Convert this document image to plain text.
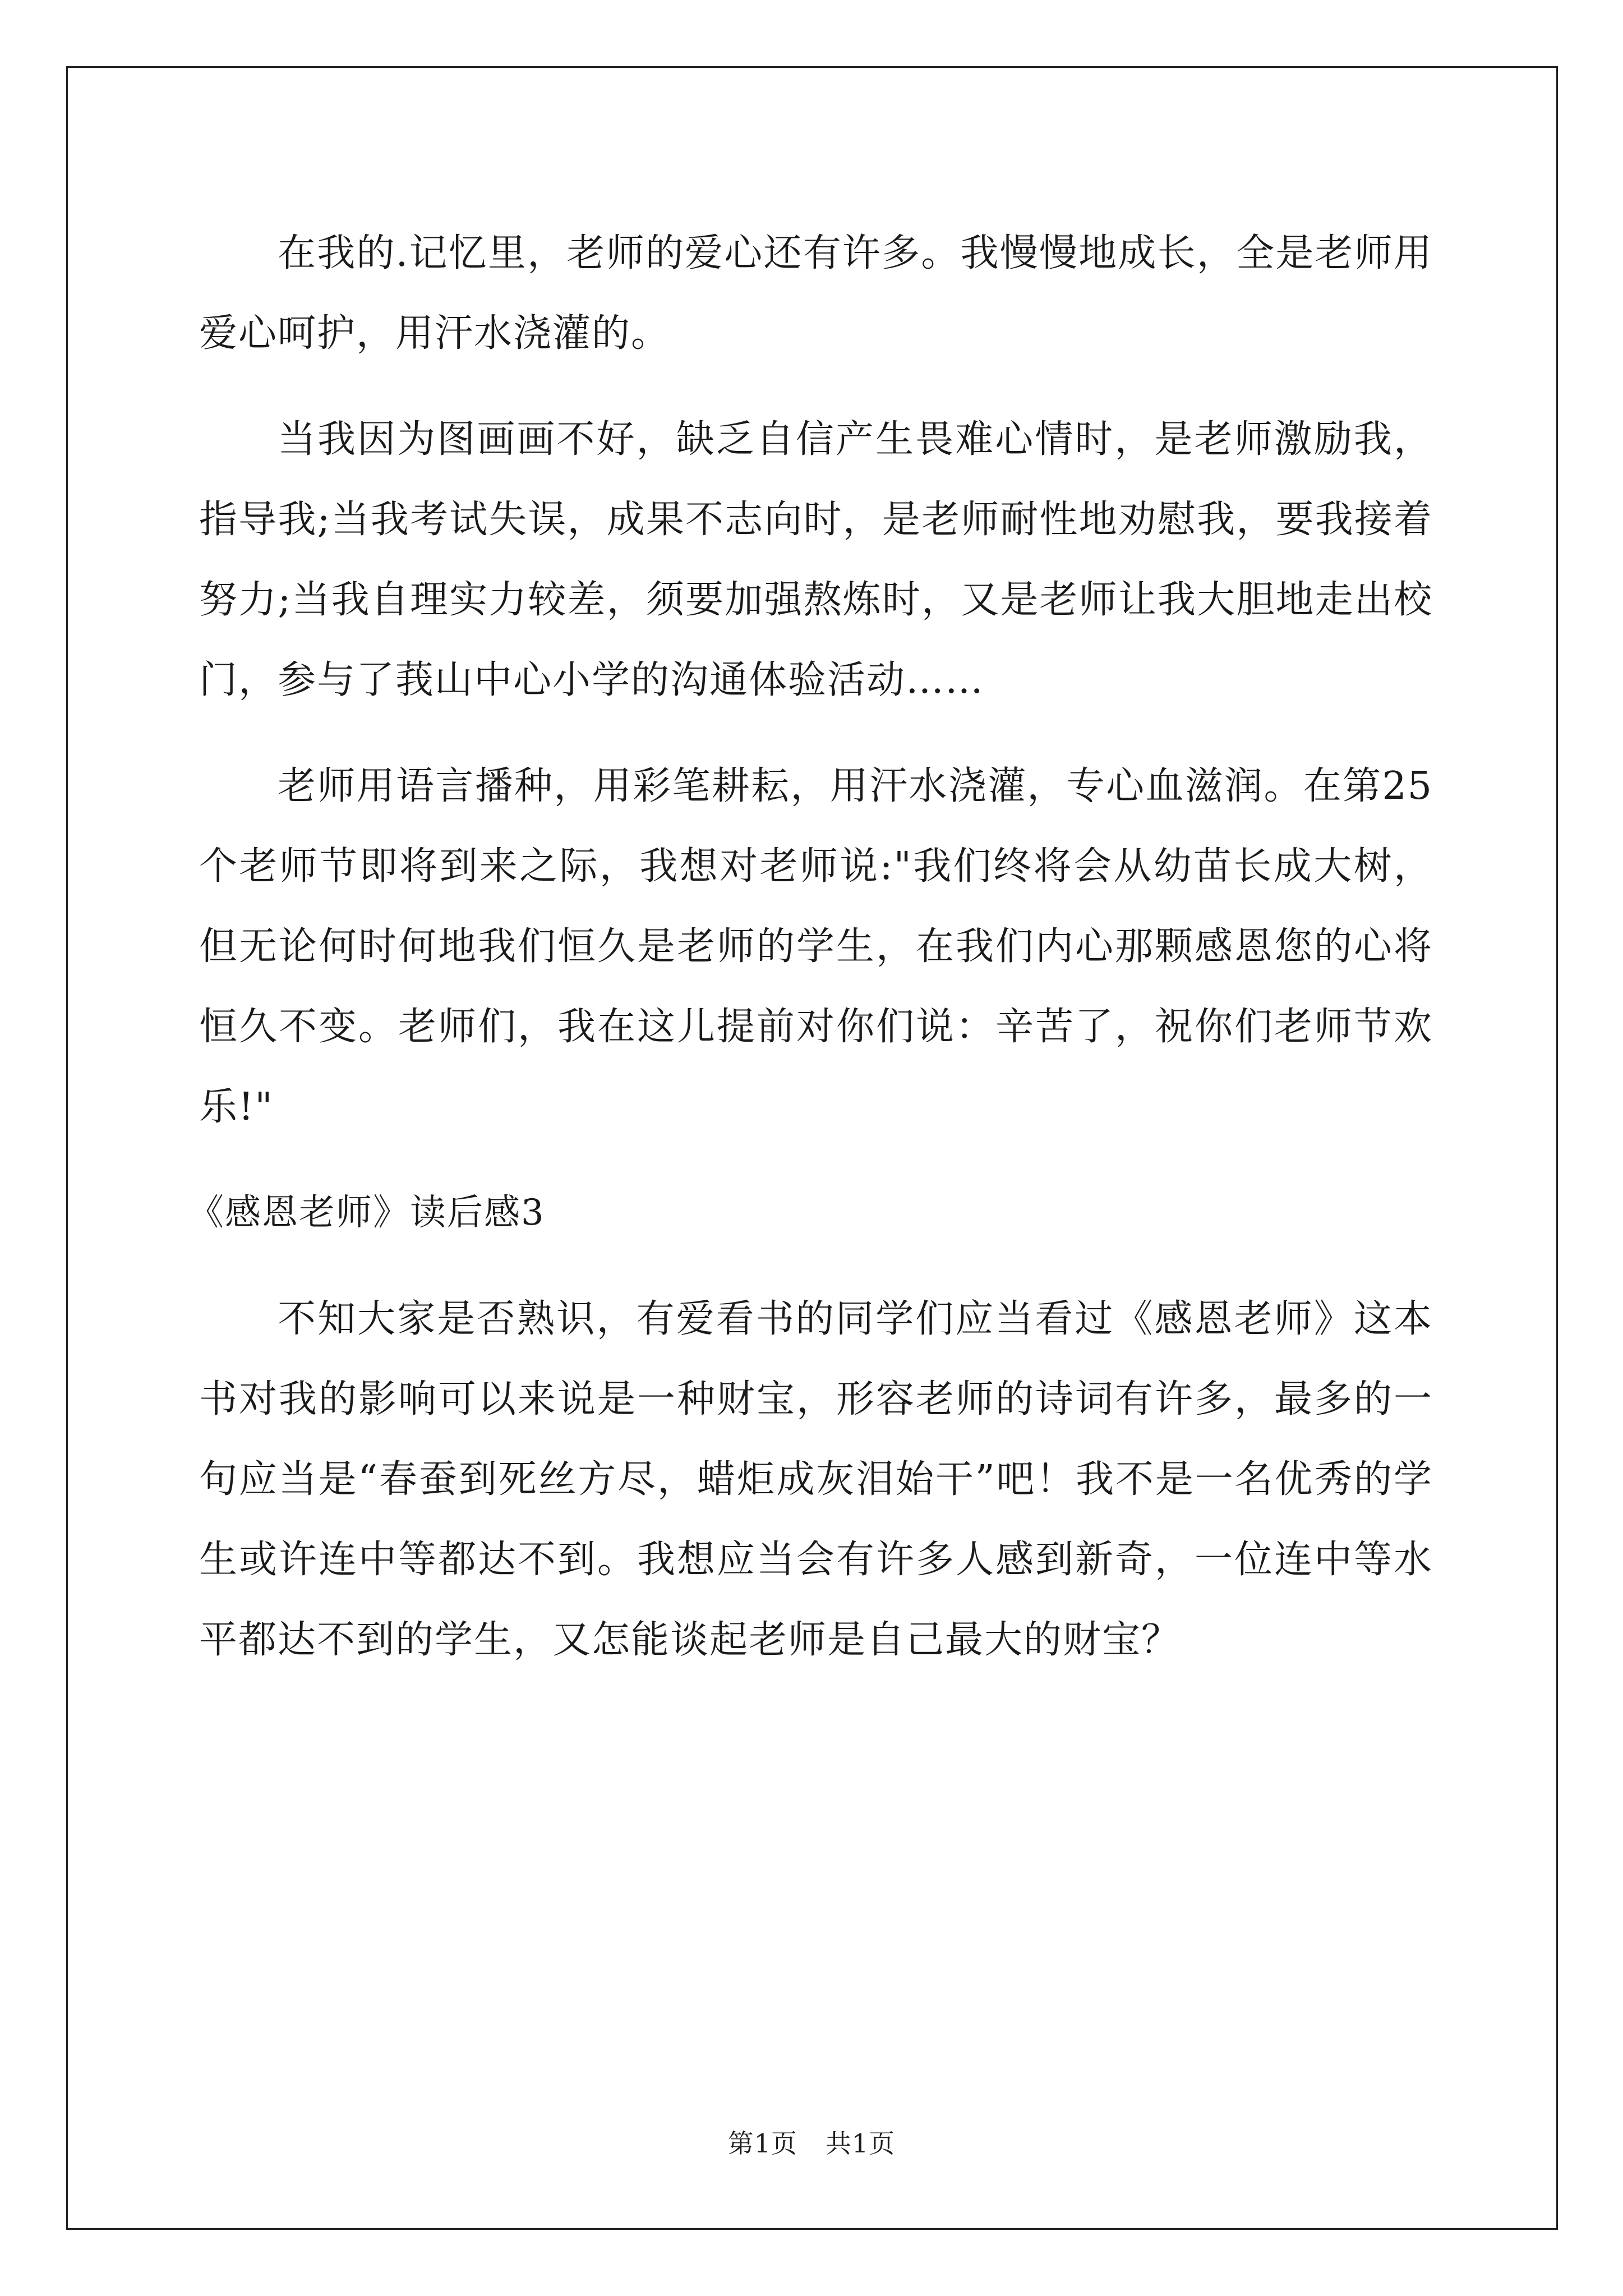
在我的.记忆里，老师的爱心还有许多。我慢慢地成长，全是老师用爱心呵护，用汗水浇灌的。

当我因为图画画不好，缺乏自信产生畏难心情时，是老师激励我，指导我;当我考试失误，成果不志向时，是老师耐性地劝慰我，要我接着努力;当我自理实力较差，须要加强熬炼时，又是老师让我大胆地走出校门，参与了莪山中心小学的沟通体验活动……

老师用语言播种，用彩笔耕耘，用汗水浇灌，专心血滋润。在第25个老师节即将到来之际，我想对老师说:"我们终将会从幼苗长成大树，但无论何时何地我们恒久是老师的学生，在我们内心那颗感恩您的心将恒久不变。老师们，我在这儿提前对你们说：辛苦了，祝你们老师节欢乐!"

《感恩老师》读后感3

不知大家是否熟识，有爱看书的同学们应当看过《感恩老师》这本书对我的影响可以来说是一种财宝，形容老师的诗词有许多，最多的一句应当是“春蚕到死丝方尽，蜡炬成灰泪始干”吧！我不是一名优秀的学生或许连中等都达不到。我想应当会有许多人感到新奇，一位连中等水平都达不到的学生，又怎能谈起老师是自己最大的财宝？

第1页 共1页
